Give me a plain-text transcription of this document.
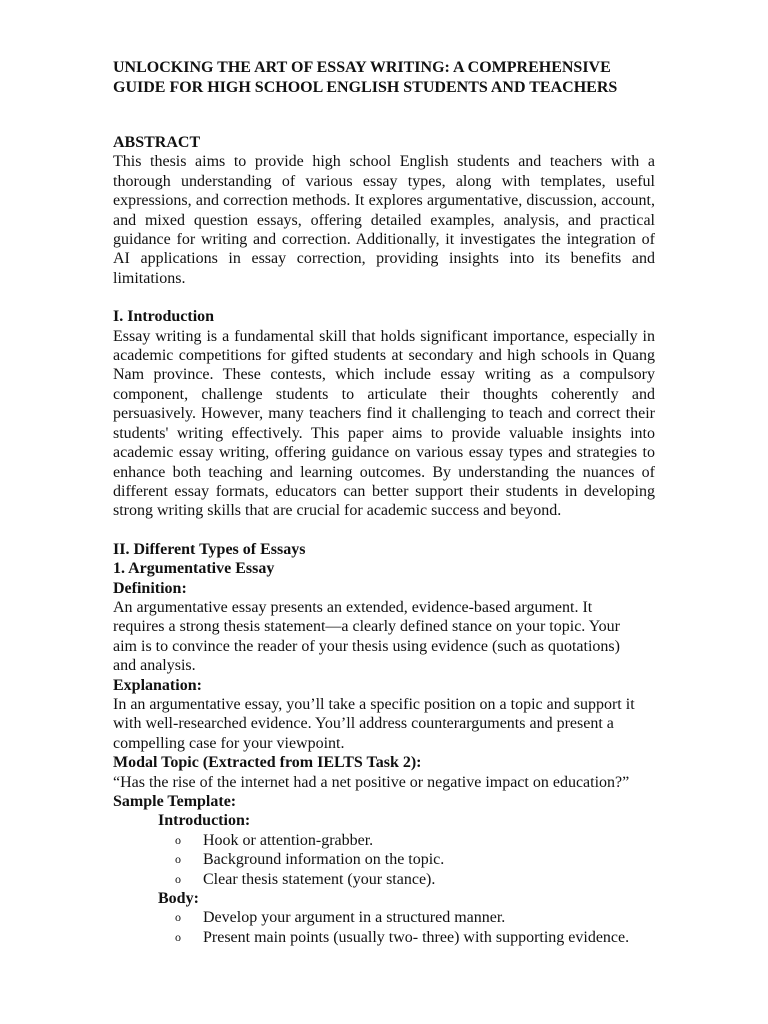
UNLOCKING THE ART OF ESSAY WRITING: A COMPREHENSIVE
GUIDE FOR HIGH SCHOOL ENGLISH STUDENTS AND TEACHERS

ABSTRACT

This thesis aims to provide high school English students and teachers with a thorough understanding of various essay types, along with templates, useful expressions, and correction methods. It explores argumentative, discussion, account, and mixed question essays, offering detailed examples, analysis, and practical guidance for writing and correction. Additionally, it investigates the integration of AI applications in essay correction, providing insights into its benefits and limitations.

I. Introduction

Essay writing is a fundamental skill that holds significant importance, especially in academic competitions for gifted students at secondary and high schools in Quang Nam province. These contests, which include essay writing as a compulsory component, challenge students to articulate their thoughts coherently and persuasively. However, many teachers find it challenging to teach and correct their students' writing effectively. This paper aims to provide valuable insights into academic essay writing, offering guidance on various essay types and strategies to enhance both teaching and learning outcomes. By understanding the nuances of different essay formats, educators can better support their students in developing strong writing skills that are crucial for academic success and beyond.

II. Different Types of Essays

1. Argumentative Essay

Definition:

An argumentative essay presents an extended, evidence-based argument. It
requires a strong thesis statement—a clearly defined stance on your topic. Your
aim is to convince the reader of your thesis using evidence (such as quotations)
and analysis.

Explanation:

In an argumentative essay, you’ll take a specific position on a topic and support it
with well-researched evidence. You’ll address counterarguments and present a
compelling case for your viewpoint.

Modal Topic (Extracted from IELTS Task 2):

“Has the rise of the internet had a net positive or negative impact on education?”

Sample Template:

Introduction:

o Hook or attention-grabber.
o Background information on the topic.
o Clear thesis statement (your stance).

Body:

o Develop your argument in a structured manner.
o Present main points (usually two- three) with supporting evidence.
